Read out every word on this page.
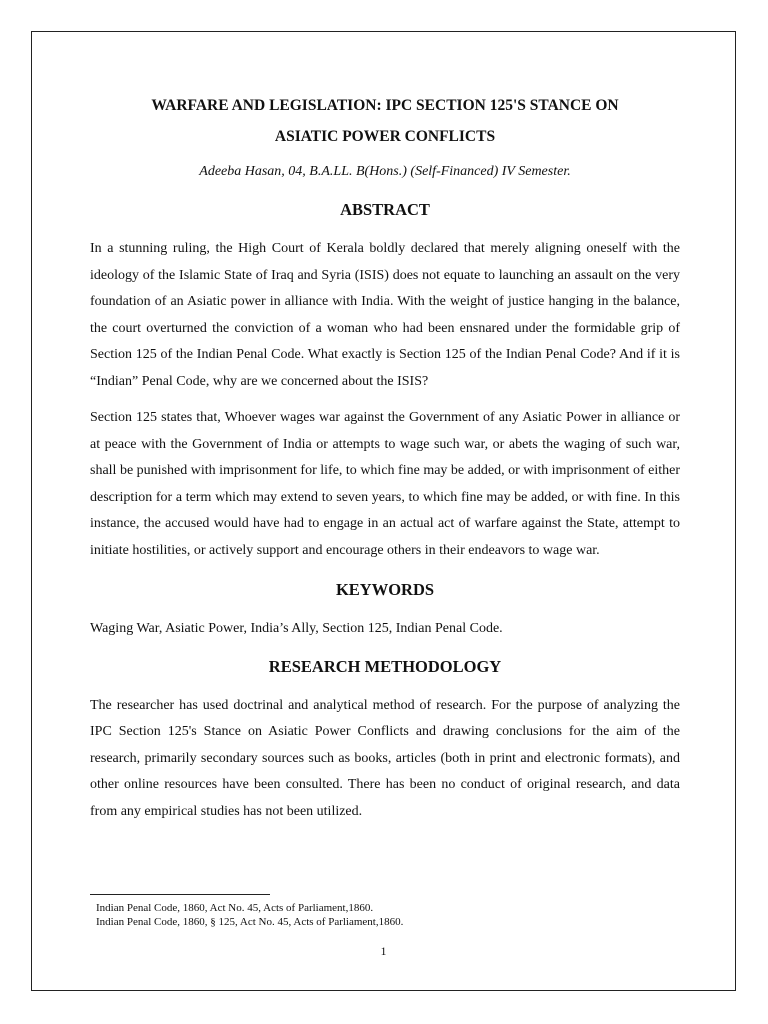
WARFARE AND LEGISLATION: IPC SECTION 125'S STANCE ON

ASIATIC POWER CONFLICTS

Adeeba Hasan, 04, B.A.LL. B(Hons.) (Self-Financed) IV Semester.

ABSTRACT

In a stunning ruling, the High Court of Kerala boldly declared that merely aligning oneself with the ideology of the Islamic State of Iraq and Syria (ISIS) does not equate to launching an assault on the very foundation of an Asiatic power in alliance with India. With the weight of justice hanging in the balance, the court overturned the conviction of a woman who had been ensnared under the formidable grip of Section 125 of the Indian Penal Code. What exactly is Section 125 of the Indian Penal Code? And if it is “Indian” Penal Code, why are we concerned about the ISIS?

Section 125 states that, Whoever wages war against the Government of any Asiatic Power in alliance or at peace with the Government of India or attempts to wage such war, or abets the waging of such war, shall be punished with imprisonment for life, to which fine may be added, or with imprisonment of either description for a term which may extend to seven years, to which fine may be added, or with fine. In this instance, the accused would have had to engage in an actual act of warfare against the State, attempt to initiate hostilities, or actively support and encourage others in their endeavors to wage war.

KEYWORDS

Waging War, Asiatic Power, India’s Ally, Section 125, Indian Penal Code.

RESEARCH METHODOLOGY

The researcher has used doctrinal and analytical method of research. For the purpose of analyzing the IPC Section 125's Stance on Asiatic Power Conflicts and drawing conclusions for the aim of the research, primarily secondary sources such as books, articles (both in print and electronic formats), and other online resources have been consulted. There has been no conduct of original research, and data from any empirical studies has not been utilized.

Indian Penal Code, 1860, Act No. 45, Acts of Parliament,1860.

Indian Penal Code, 1860, § 125, Act No. 45, Acts of Parliament,1860.

1
